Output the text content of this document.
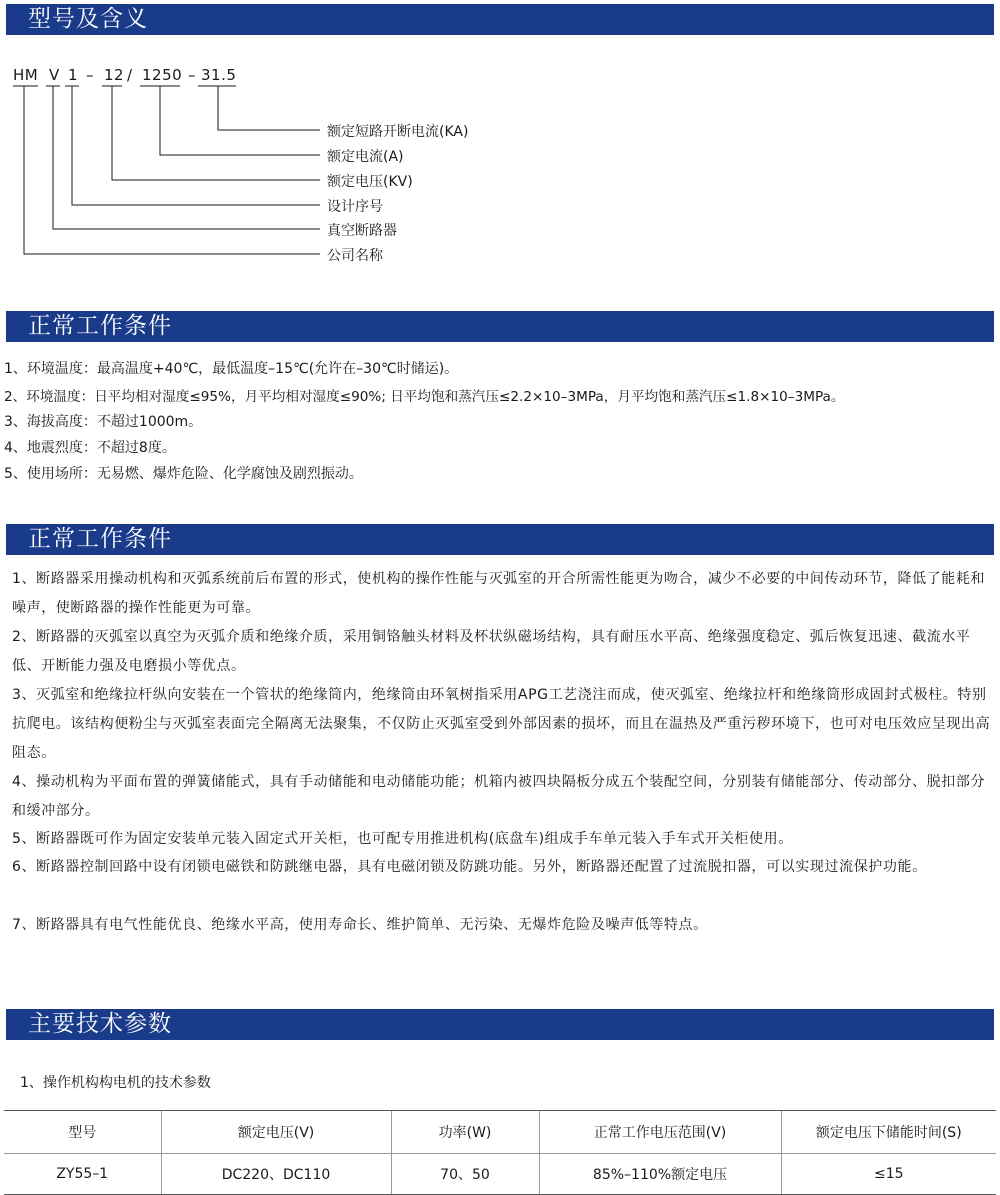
型号及含义
HM V 1 – 12 / 1250 – 31.5
额定短路开断电流(KA)
额定电流(A)
额定电压(KV)
设计序号
真空断路器
公司名称
正常工作条件

1、环境温度：最高温度+40℃，最低温度–15℃(允许在–30℃时储运)。

2、环境温度：日平均相对湿度≤95%，月平均相对湿度≤90%; 日平均饱和蒸汽压≤2.2×10–3MPa，月平均饱和蒸汽压≤1.8×10–3MPa。

3、海拔高度：不超过1000m。

4、地震烈度：不超过8度。

5、使用场所：无易燃、爆炸危险、化学腐蚀及剧烈振动。

正常工作条件

1、断路器采用操动机构和灭弧系统前后布置的形式，使机构的操作性能与灭弧室的开合所需性能更为吻合，减少不必要的中间传动环节，降低了能耗和噪声，使断路器的操作性能更为可靠。

2、断路器的灭弧室以真空为灭弧介质和绝缘介质，采用铜铬触头材料及杯状纵磁场结构，具有耐压水平高、绝缘强度稳定、弧后恢复迅速、截流水平低、开断能力强及电磨损小等优点。

3、灭弧室和绝缘拉杆纵向安装在一个管状的绝缘筒内，绝缘筒由环氧树指采用APG工艺浇注而成，使灭弧室、绝缘拉杆和绝缘筒形成固封式极柱。特别抗爬电。该结构便粉尘与灭弧室表面完全隔离无法聚集，不仅防止灭弧室受到外部因素的损坏，而且在温热及严重污秽环境下，也可对电压效应呈现出高阻态。

4、操动机构为平面布置的弹簧储能式，具有手动储能和电动储能功能；机箱内被四块隔板分成五个装配空间，分别装有储能部分、传动部分、脱扣部分和缓冲部分。

5、断路器既可作为固定安装单元装入固定式开关柜，也可配专用推进机构(底盘车)组成手车单元装入手车式开关柜使用。

6、断路器控制回路中设有闭锁电磁铁和防跳继电器，具有电磁闭锁及防跳功能。另外，断路器还配置了过流脱扣器，可以实现过流保护功能。

7、断路器具有电气性能优良、绝缘水平高，使用寿命长、维护简单、无污染、无爆炸危险及噪声低等特点。

主要技术参数
1、操作机构构电机的技术参数
型号	额定电压(V)	功率(W)	正常工作电压范围(V)	额定电压下储能时间(S)
ZY55–1	DC220、DC110	70、50	85%–110%额定电压	≤15
